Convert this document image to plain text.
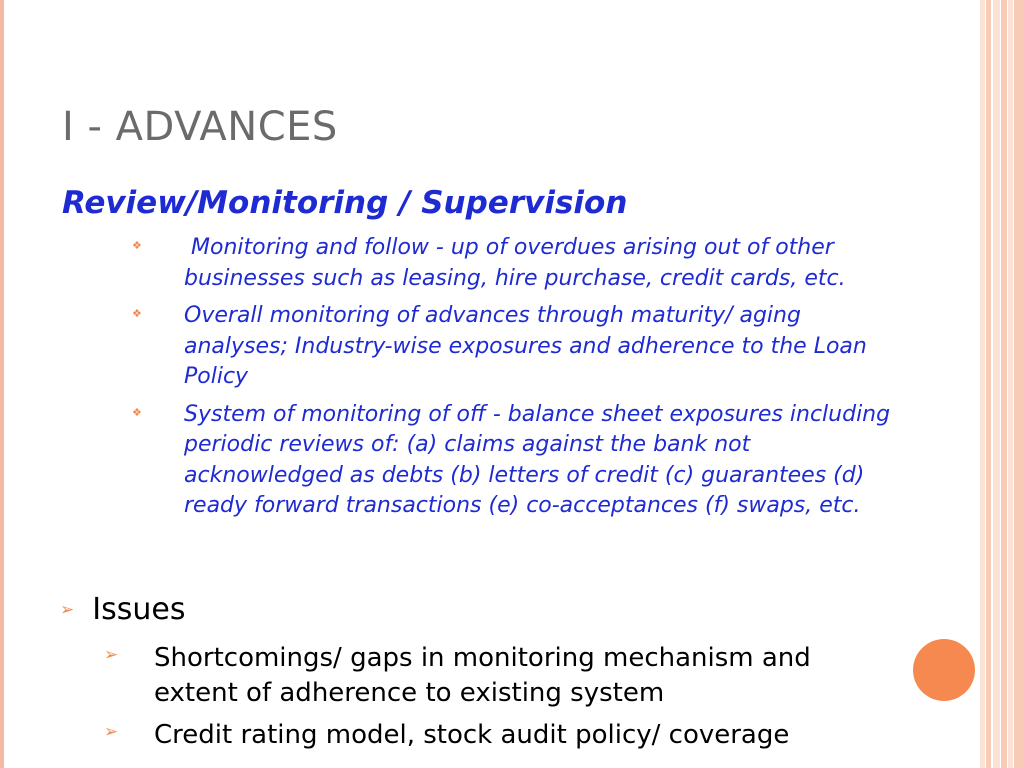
I - ADVANCES
Review/Monitoring / Supervision
❖ Monitoring and follow - up of overdues arising out of other businesses such as leasing, hire purchase, credit cards, etc.
❖ Overall monitoring of advances through maturity/ aging analyses; Industry-wise exposures and adherence to the Loan Policy
❖ System of monitoring of off - balance sheet exposures including periodic reviews of: (a) claims against the bank not acknowledged as debts (b) letters of credit (c) guarantees (d) ready forward transactions (e) co-acceptances (f) swaps, etc.
➢ Issues
➢ Shortcomings/ gaps in monitoring mechanism and extent of adherence to existing system
➢ Credit rating model, stock audit policy/ coverage
